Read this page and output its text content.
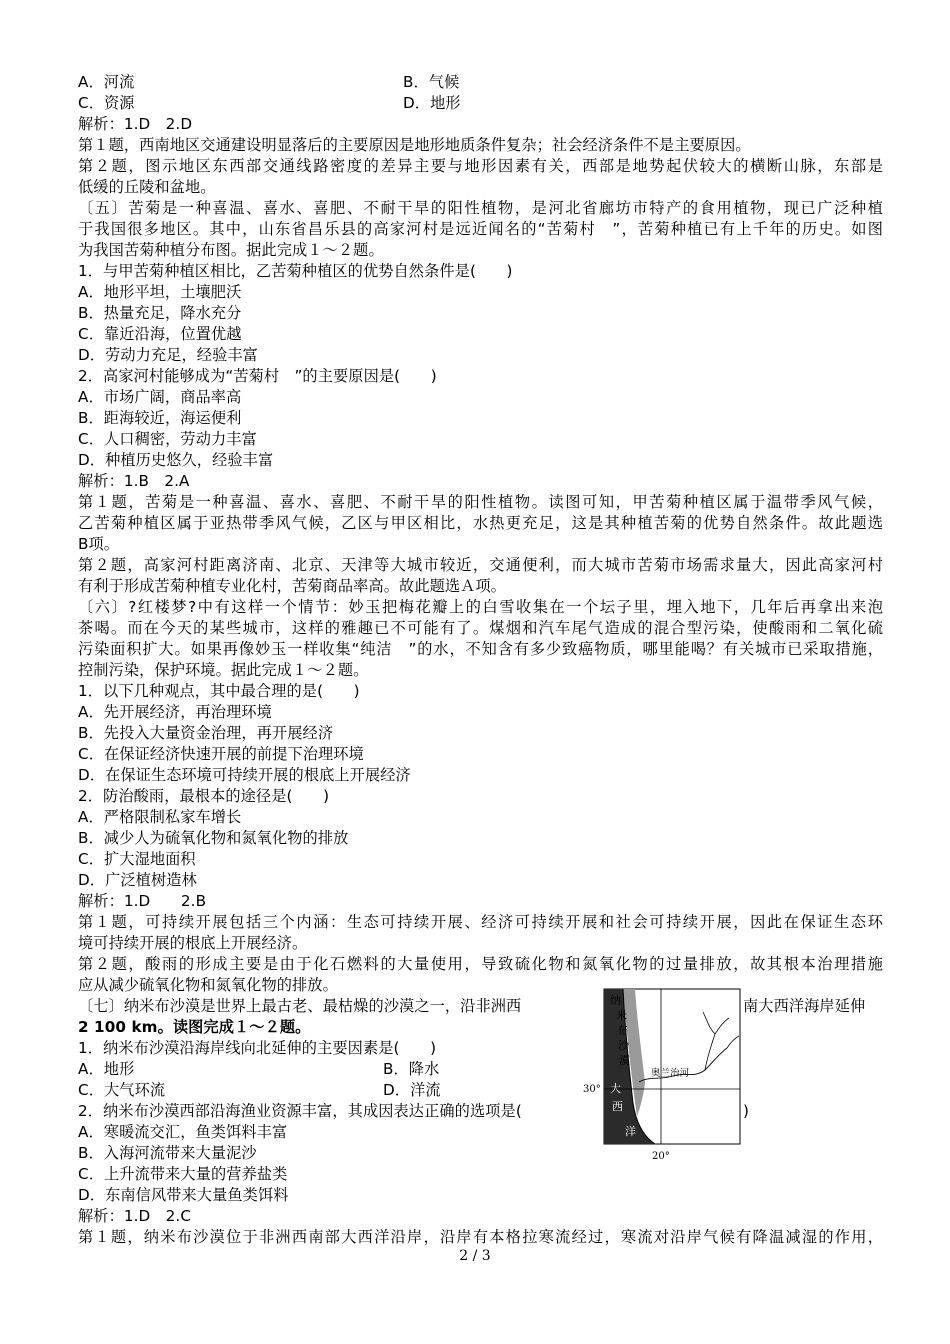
A．河流	B．气候
C．资源	D．地形
解析：1.D　2.D
第１题，西南地区交通建设明显落后的主要原因是地形地质条件复杂；社会经济条件不是主要原因。
第２题，图示地区东西部交通线路密度的差异主要与地形因素有关，西部是地势起伏较大的横断山脉，东部是
低缓的丘陵和盆地。
〔五〕苦菊是一种喜温、喜水、喜肥、不耐干旱的阳性植物，是河北省廊坊市特产的食用植物，现已广泛种植
于我国很多地区。其中，山东省昌乐县的高家河村是远近闻名的“苦菊村　”，苦菊种植已有上千年的历史。如图
为我国苦菊种植分布图。据此完成１～２题。
1．与甲苦菊种植区相比，乙苦菊种植区的优势自然条件是(　　)
A．地形平坦，土壤肥沃
B．热量充足，降水充分
C．靠近沿海，位置优越
D．劳动力充足，经验丰富
2．高家河村能够成为“苦菊村　”的主要原因是(　　)
A．市场广阔，商品率高
B．距海较近，海运便利
C．人口稠密，劳动力丰富
D．种植历史悠久，经验丰富
解析：1.B　2.A
第１题，苦菊是一种喜温、喜水、喜肥、不耐干旱的阳性植物。读图可知，甲苦菊种植区属于温带季风气候，
乙苦菊种植区属于亚热带季风气候，乙区与甲区相比，水热更充足，这是其种植苦菊的优势自然条件。故此题选
B项。
第２题，高家河村距离济南、北京、天津等大城市较近，交通便利，而大城市苦菊市场需求量大，因此高家河村
有利于形成苦菊种植专业化村，苦菊商品率高。故此题选Ａ项。
〔六〕?红楼梦?中有这样一个情节：妙玉把梅花瓣上的白雪收集在一个坛子里，埋入地下，几年后再拿出来泡
茶喝。而在今天的某些城市，这样的雅趣已不可能有了。煤烟和汽车尾气造成的混合型污染，使酸雨和二氧化硫
污染面积扩大。如果再像妙玉一样收集“纯洁　”的水，不知含有多少致癌物质，哪里能喝？有关城市已采取措施，
控制污染，保护环境。据此完成１～２题。
1．以下几种观点，其中最合理的是(　　)
A．先开展经济，再治理环境
B．先投入大量资金治理，再开展经济
C．在保证经济快速开展的前提下治理环境
D．在保证生态环境可持续开展的根底上开展经济
2．防治酸雨，最根本的途径是(　　)
A．严格限制私家车增长
B．减少人为硫氧化物和氮氧化物的排放
C．扩大湿地面积
D．广泛植树造林
解析：1.D　　2.B
第１题，可持续开展包括三个内涵：生态可持续开展、经济可持续开展和社会可持续开展，因此在保证生态环
境可持续开展的根底上开展经济。
第２题，酸雨的形成主要是由于化石燃料的大量使用，导致硫化物和氮氧化物的过量排放，故其根本治理措施
应从减少硫氧化物和氮氧化物的排放。
〔七〕纳米布沙漠是世界上最古老、最枯燥的沙漠之一，沿非洲西	南大西洋海岸延伸
2 100 km。读图完成１～２题。
1．纳米布沙漠沿海岸线向北延伸的主要因素是(　　)
A．地形	B．降水
C．大气环流	D．洋流
2．纳米布沙漠西部沿海渔业资源丰富，其成因表达正确的选项是(	)
A．寒暖流交汇，鱼类饵料丰富
B．入海河流带来大量泥沙
C．上升流带来大量的营养盐类
D．东南信风带来大量鱼类饵料
解析：1.D　2.C
第１题，纳米布沙漠位于非洲西南部大西洋沿岸，沿岸有本格拉寒流经过，寒流对沿岸气候有降温减湿的作用，
纳 米 布 沙 漠
大 西 洋
奥兰治河
30°
20°
2 / 3
